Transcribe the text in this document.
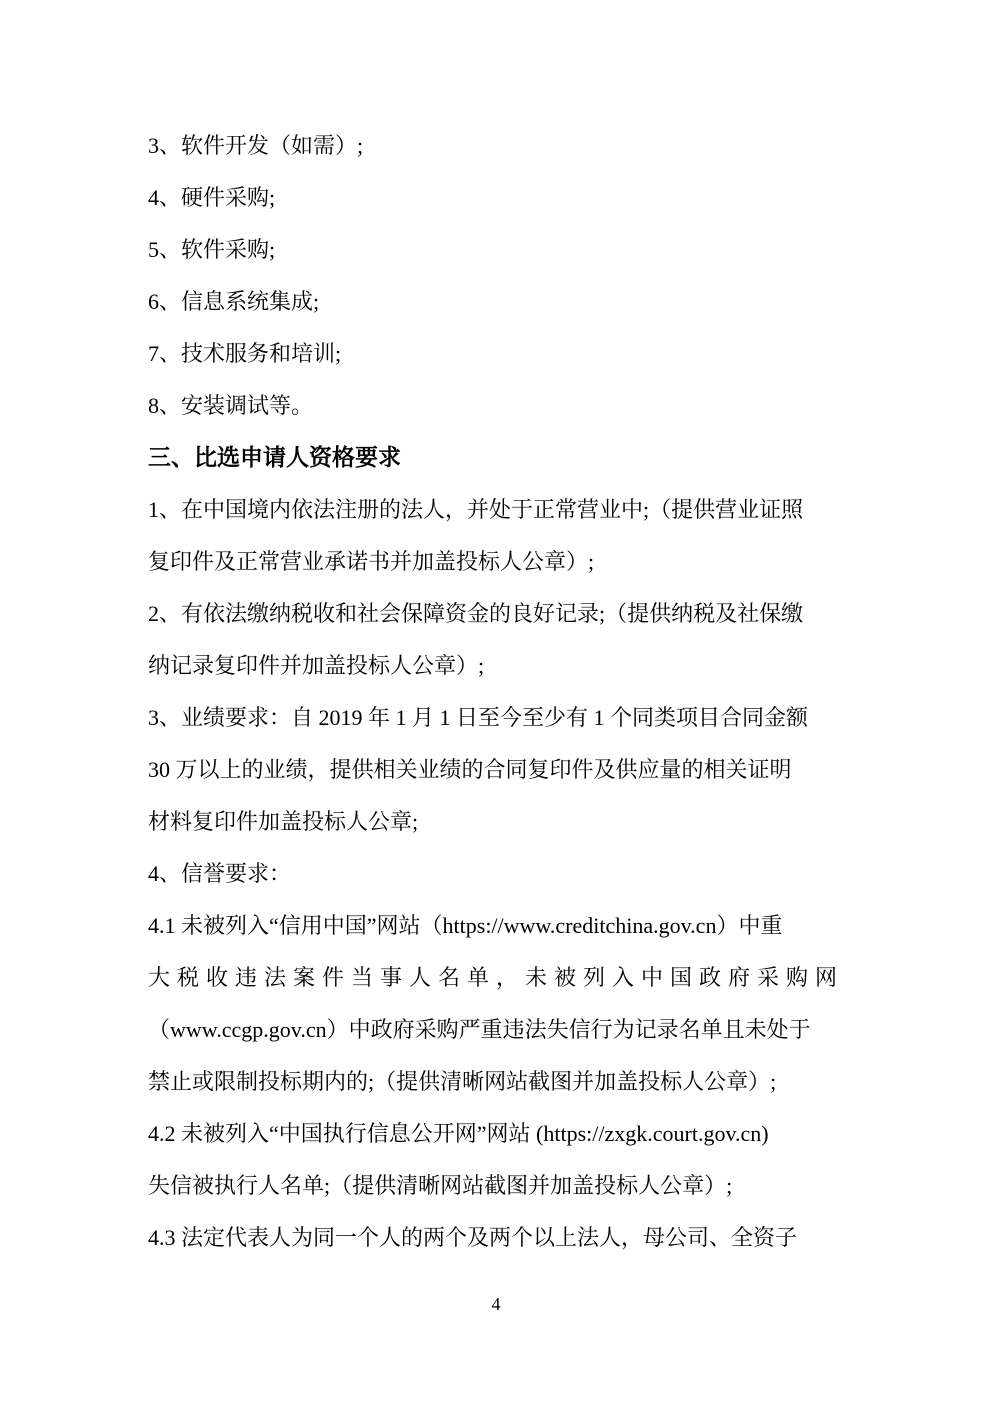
3、软件开发（如需）;

4、硬件采购;

5、软件采购;

6、信息系统集成;

7、技术服务和培训;

8、安装调试等。

三、比选申请人资格要求

1、在中国境内依法注册的法人，并处于正常营业中;（提供营业证照

复印件及正常营业承诺书并加盖投标人公章）;

2、有依法缴纳税收和社会保障资金的良好记录;（提供纳税及社保缴

纳记录复印件并加盖投标人公章）;

3、业绩要求：自 2019 年 1 月 1 日至今至少有 1 个同类项目合同金额

30 万以上的业绩，提供相关业绩的合同复印件及供应量的相关证明

材料复印件加盖投标人公章;

4、信誉要求：

4.1 未被列入“信用中国”网站（https://www.creditchina.gov.cn）中重

大税收违法案件当事人名单，未被列入中国政府采购网

（www.ccgp.gov.cn）中政府采购严重违法失信行为记录名单且未处于

禁止或限制投标期内的;（提供清晰网站截图并加盖投标人公章）;

4.2 未被列入“中国执行信息公开网”网站 (https://zxgk.court.gov.cn)

失信被执行人名单;（提供清晰网站截图并加盖投标人公章）;

4.3 法定代表人为同一个人的两个及两个以上法人，母公司、全资子

4
